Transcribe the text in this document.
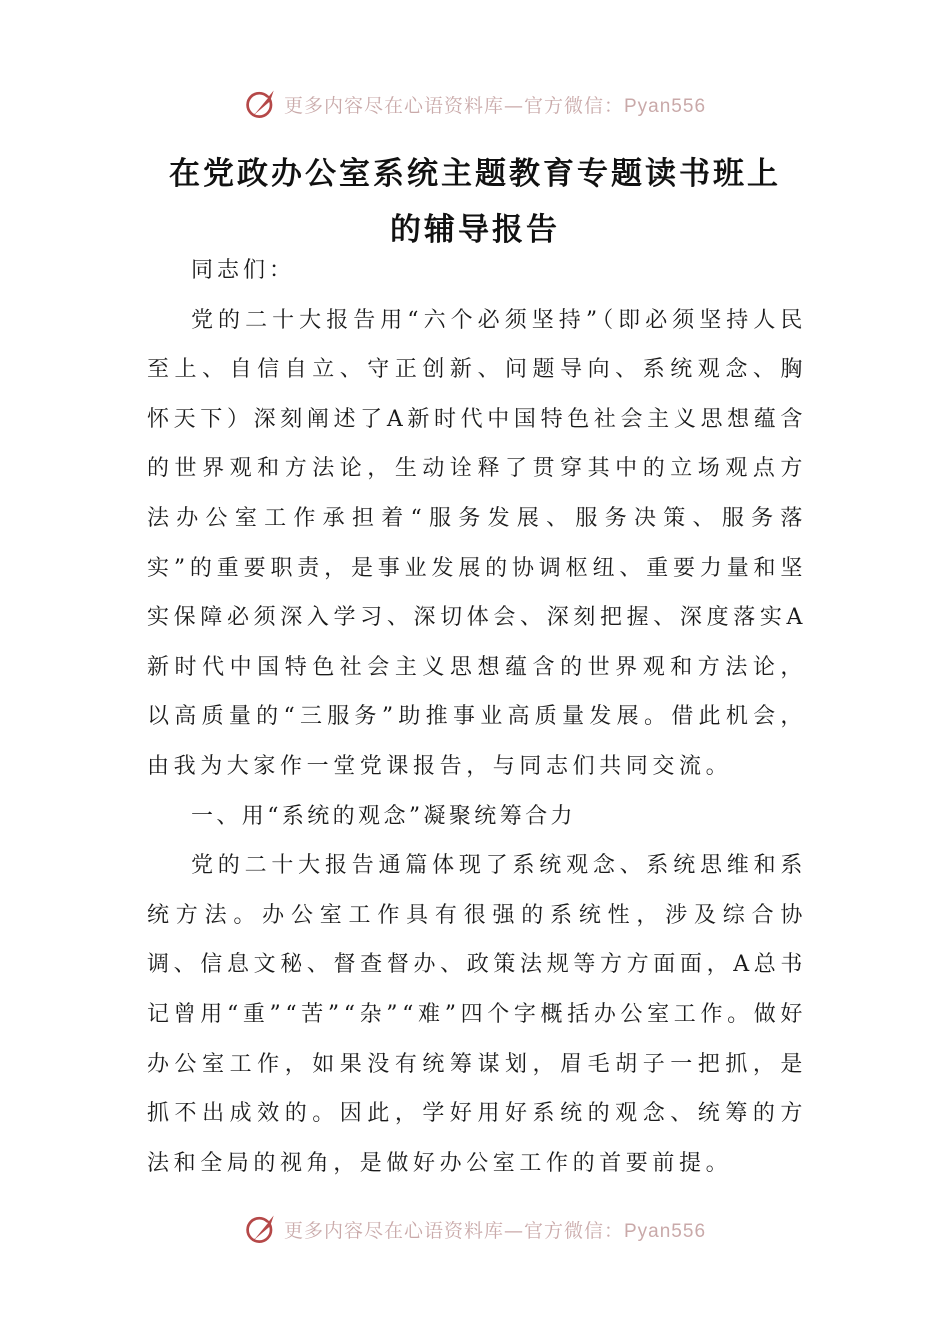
更多内容尽在心语资料库—官方微信：Pyan556
在党政办公室系统主题教育专题读书班上
的辅导报告

同志们：

党的二十大报告用“六个必须坚持”（即必须坚持人民至上、自信自立、守正创新、问题导向、系统观念、胸怀天下）深刻阐述了A新时代中国特色社会主义思想蕴含的世界观和方法论，生动诠释了贯穿其中的立场观点方法办公室工作承担着“服务发展、服务决策、服务落实”的重要职责，是事业发展的协调枢纽、重要力量和坚实保障必须深入学习、深切体会、深刻把握、深度落实A新时代中国特色社会主义思想蕴含的世界观和方法论，以高质量的“三服务”助推事业高质量发展。借此机会，由我为大家作一堂党课报告，与同志们共同交流。

一、用“系统的观念”凝聚统筹合力

党的二十大报告通篇体现了系统观念、系统思维和系统方法。办公室工作具有很强的系统性，涉及综合协调、信息文秘、督查督办、政策法规等方方面面，A总书记曾用“重”“苦”“杂”“难”四个字概括办公室工作。做好办公室工作，如果没有统筹谋划，眉毛胡子一把抓，是抓不出成效的。因此，学好用好系统的观念、统筹的方法和全局的视角，是做好办公室工作的首要前提。

更多内容尽在心语资料库—官方微信：Pyan556
